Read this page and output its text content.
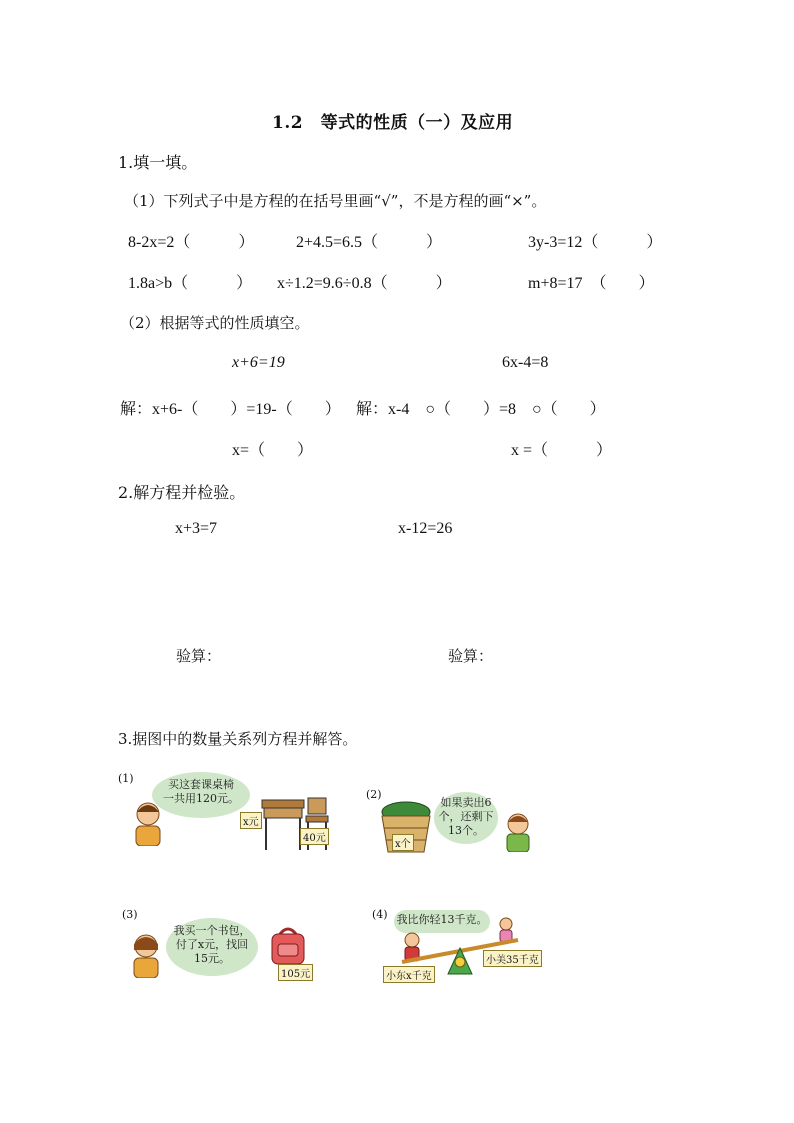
1.2　等式的性质（一）及应用
1.填一填。
（1）下列式子中是方程的在括号里画“√”，不是方程的画“×”。
8-2x=2（　　　）	2+4.5=6.5（　　　）	3y-3=12（　　　）
1.8a>b（　　　） x÷1.2=9.6÷0.8（　　　）	m+8=17　（　　）
（2）根据等式的性质填空。
x+6=19	6x-4=8
解：x+6-（　　）=19-（　　） 解：x-4　○（　　）=8　○（　　）
x=（　　）	x =（　　　）
2.解方程并检验。
x+3=7	x-12=26
验算：	验算：
3.据图中的数量关系列方程并解答。
(1)	买这套课桌椅
一共用120元。
x元
40元
(2)
x个
如果卖出6
个，还剩下
13个。
(3)
我买一个书包，
付了x元，找回
15元。
105元
(4) 我比你轻13千克。
小东x千克
小美35千克
